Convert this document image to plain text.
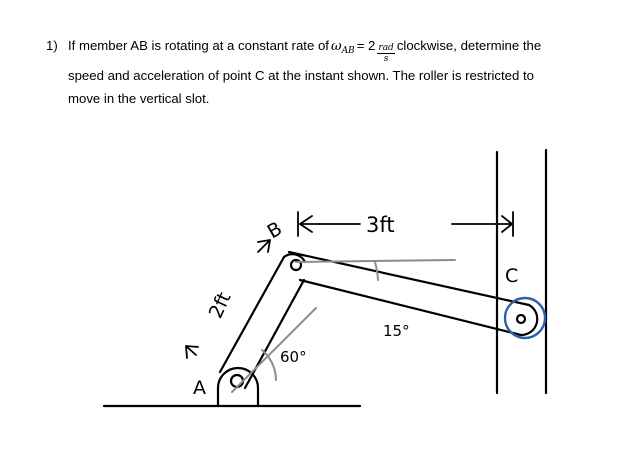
1) If member AB is rotating at a constant rate of $\omega_{AB} = 2 \frac{\text{rad}}{s}$ clockwise, determine the
speed and acceleration of point C at the instant shown. The roller is restricted to
move in the vertical slot.
A
B
C
2ft
3ft
60°
15°
